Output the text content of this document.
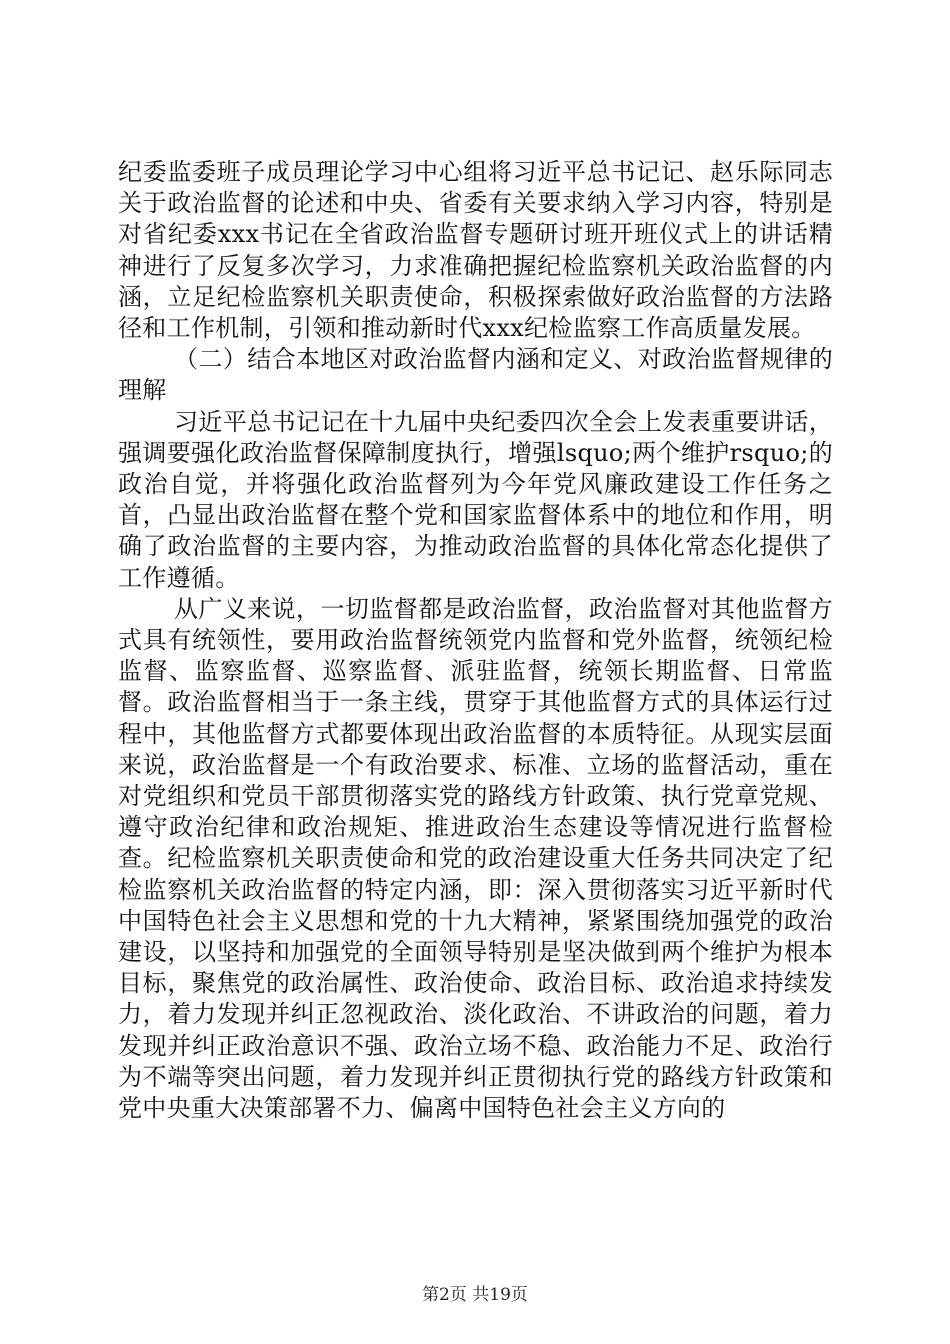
纪委监委班子成员理论学习中心组将习近平总书记记、赵乐际同志关于政治监督的论述和中央、省委有关要求纳入学习内容，特别是对省纪委xxx书记在全省政治监督专题研讨班开班仪式上的讲话精神进行了反复多次学习，力求准确把握纪检监察机关政治监督的内涵，立足纪检监察机关职责使命，积极探索做好政治监督的方法路径和工作机制，引领和推动新时代xxx纪检监察工作高质量发展。

（二）结合本地区对政治监督内涵和定义、对政治监督规律的理解

习近平总书记记在十九届中央纪委四次全会上发表重要讲话，强调要强化政治监督保障制度执行，增强lsquo;两个维护rsquo;的政治自觉，并将强化政治监督列为今年党风廉政建设工作任务之首，凸显出政治监督在整个党和国家监督体系中的地位和作用，明确了政治监督的主要内容，为推动政治监督的具体化常态化提供了工作遵循。

从广义来说，一切监督都是政治监督，政治监督对其他监督方式具有统领性，要用政治监督统领党内监督和党外监督，统领纪检监督、监察监督、巡察监督、派驻监督，统领长期监督、日常监督。政治监督相当于一条主线，贯穿于其他监督方式的具体运行过程中，其他监督方式都要体现出政治监督的本质特征。从现实层面来说，政治监督是一个有政治要求、标准、立场的监督活动，重在对党组织和党员干部贯彻落实党的路线方针政策、执行党章党规、遵守政治纪律和政治规矩、推进政治生态建设等情况进行监督检查。纪检监察机关职责使命和党的政治建设重大任务共同决定了纪检监察机关政治监督的特定内涵，即：深入贯彻落实习近平新时代中国特色社会主义思想和党的十九大精神，紧紧围绕加强党的政治建设，以坚持和加强党的全面领导特别是坚决做到两个维护为根本目标，聚焦党的政治属性、政治使命、政治目标、政治追求持续发力，着力发现并纠正忽视政治、淡化政治、不讲政治的问题，着力发现并纠正政治意识不强、政治立场不稳、政治能力不足、政治行为不端等突出问题，着力发现并纠正贯彻执行党的路线方针政策和党中央重大决策部署不力、偏离中国特色社会主义方向的

第2页 共19页
